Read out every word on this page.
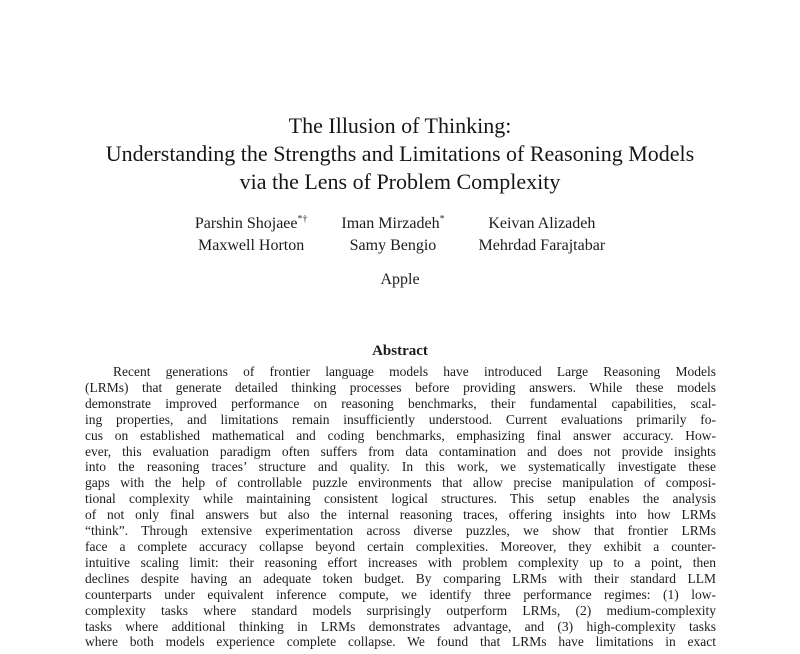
The Illusion of Thinking:
Understanding the Strengths and Limitations of Reasoning Models
via the Lens of Problem Complexity
Parshin Shojaee*† Iman Mirzadeh*	Keivan Alizadeh
Maxwell Horton	Samy Bengio	Mehrdad Farajtabar
Apple
Abstract
Recent generations of frontier language models have introduced Large Reasoning Models
(LRMs) that generate detailed thinking processes before providing answers. While these models
demonstrate improved performance on reasoning benchmarks, their fundamental capabilities, scal-
ing properties, and limitations remain insufficiently understood. Current evaluations primarily fo-
cus on established mathematical and coding benchmarks, emphasizing final answer accuracy. How-
ever, this evaluation paradigm often suffers from data contamination and does not provide insights
into the reasoning traces’ structure and quality. In this work, we systematically investigate these
gaps with the help of controllable puzzle environments that allow precise manipulation of composi-
tional complexity while maintaining consistent logical structures. This setup enables the analysis
of not only final answers but also the internal reasoning traces, offering insights into how LRMs
“think”. Through extensive experimentation across diverse puzzles, we show that frontier LRMs
face a complete accuracy collapse beyond certain complexities. Moreover, they exhibit a counter-
intuitive scaling limit: their reasoning effort increases with problem complexity up to a point, then
declines despite having an adequate token budget. By comparing LRMs with their standard LLM
counterparts under equivalent inference compute, we identify three performance regimes: (1) low-
complexity tasks where standard models surprisingly outperform LRMs, (2) medium-complexity
tasks where additional thinking in LRMs demonstrates advantage, and (3) high-complexity tasks
where both models experience complete collapse. We found that LRMs have limitations in exact
